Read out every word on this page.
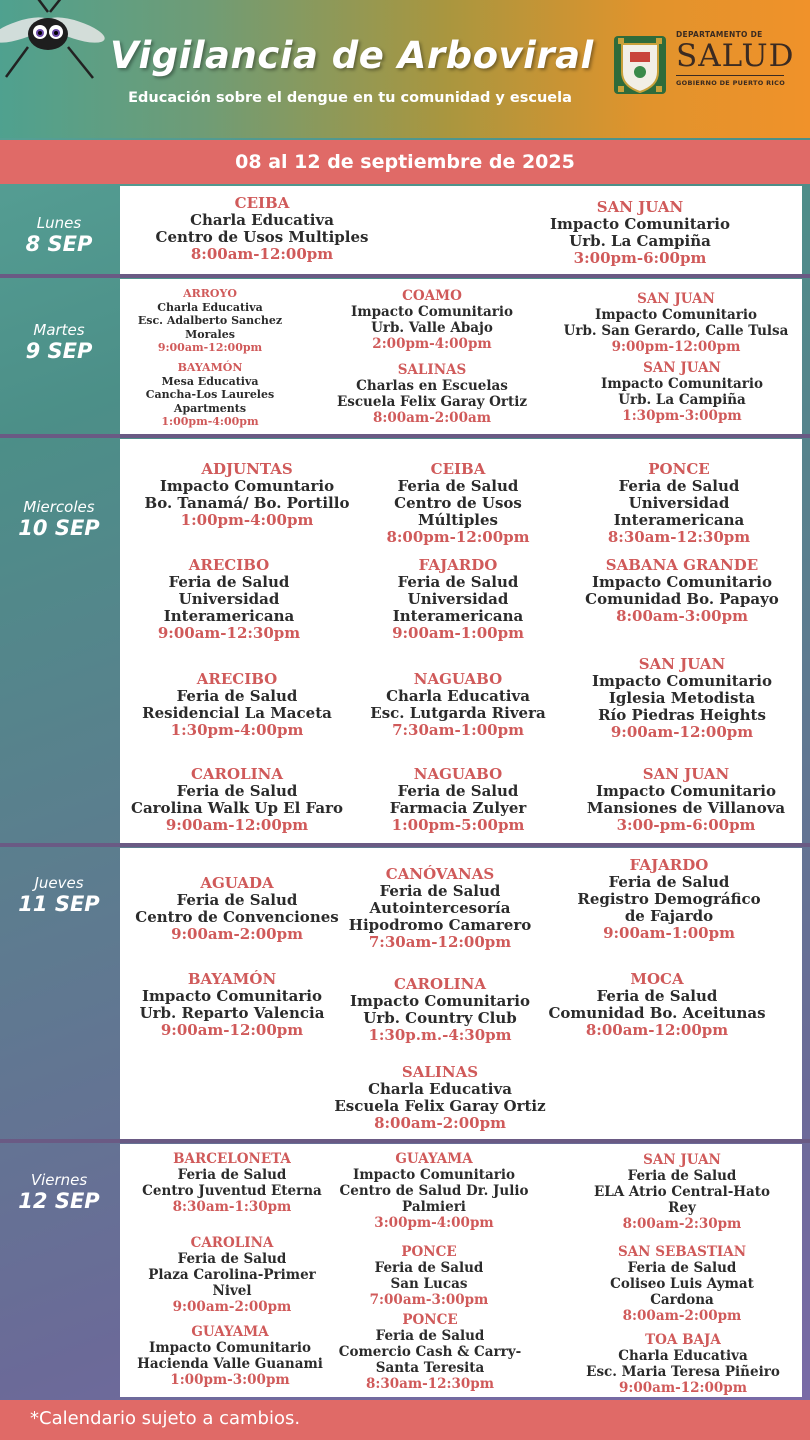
Vigilancia de Arboviral
Educación sobre el dengue en tu comunidad y escuela
DEPARTAMENTO DE
SALUD
GOBIERNO DE PUERTO RICO
08 al 12 de septiembre de 2025
Lunes
8 SEP
Martes
9 SEP
Miercoles
10 SEP
Jueves
11 SEP
Viernes
12 SEP
CEIBA
Charla Educativa
Centro de Usos Multiples
8:00am-12:00pm
SAN JUAN
Impacto Comunitario
Urb. La Campiña
3:00pm-6:00pm
ARROYO
Charla Educativa
Esc. Adalberto Sanchez
Morales
9:00am-12:00pm
BAYAMÓN
Mesa Educativa
Cancha-Los Laureles
Apartments
1:00pm-4:00pm
COAMO
Impacto Comunitario
Urb. Valle Abajo
2:00pm-4:00pm
SALINAS
Charlas en Escuelas
Escuela Felix Garay Ortiz
8:00am-2:00am
SAN JUAN
Impacto Comunitario
Urb. San Gerardo, Calle Tulsa
9:00pm-12:00pm
SAN JUAN
Impacto Comunitario
Urb. La Campiña
1:30pm-3:00pm
ADJUNTAS
Impacto Comuntario
Bo. Tanamá/ Bo. Portillo
1:00pm-4:00pm
CEIBA
Feria de Salud
Centro de Usos
Múltiples
8:00pm-12:00pm
PONCE
Feria de Salud
Universidad
Interamericana
8:30am-12:30pm
ARECIBO
Feria de Salud
Universidad
Interamericana
9:00am-12:30pm
FAJARDO
Feria de Salud
Universidad
Interamericana
9:00am-1:00pm
SABANA GRANDE
Impacto Comunitario
Comunidad Bo. Papayo
8:00am-3:00pm
ARECIBO
Feria de Salud
Residencial La Maceta
1:30pm-4:00pm
NAGUABO
Charla Educativa
Esc. Lutgarda Rivera
7:30am-1:00pm
SAN JUAN
Impacto Comunitario
Iglesia Metodista
Río Piedras Heights
9:00am-12:00pm
CAROLINA
Feria de Salud
Carolina Walk Up El Faro
9:00am-12:00pm
NAGUABO
Feria de Salud
Farmacia Zulyer
1:00pm-5:00pm
SAN JUAN
Impacto Comunitario
Mansiones de Villanova
3:00-pm-6:00pm
AGUADA
Feria de Salud
Centro de Convenciones
9:00am-2:00pm
CANÓVANAS
Feria de Salud
Autointercesoría
Hipodromo Camarero
7:30am-12:00pm
FAJARDO
Feria de Salud
Registro Demográfico
de Fajardo
9:00am-1:00pm
BAYAMÓN
Impacto Comunitario
Urb. Reparto Valencia
9:00am-12:00pm
CAROLINA
Impacto Comunitario
Urb. Country Club
1:30p.m.-4:30pm
MOCA
Feria de Salud
Comunidad Bo. Aceitunas
8:00am-12:00pm
SALINAS
Charla Educativa
Escuela Felix Garay Ortiz
8:00am-2:00pm
BARCELONETA
Feria de Salud
Centro Juventud Eterna
8:30am-1:30pm
CAROLINA
Feria de Salud
Plaza Carolina-Primer
Nivel
9:00am-2:00pm
GUAYAMA
Impacto Comunitario
Hacienda Valle Guanami
1:00pm-3:00pm
GUAYAMA
Impacto Comunitario
Centro de Salud Dr. Julio
Palmieri
3:00pm-4:00pm
PONCE
Feria de Salud
San Lucas
7:00am-3:00pm
PONCE
Feria de Salud
Comercio Cash & Carry-
Santa Teresita
8:30am-12:30pm
SAN JUAN
Feria de Salud
ELA Atrio Central-Hato
Rey
8:00am-2:30pm
SAN SEBASTIAN
Feria de Salud
Coliseo Luis Aymat
Cardona
8:00am-2:00pm
TOA BAJA
Charla Educativa
Esc. Maria Teresa Piñeiro
9:00am-12:00pm
*Calendario sujeto a cambios.
